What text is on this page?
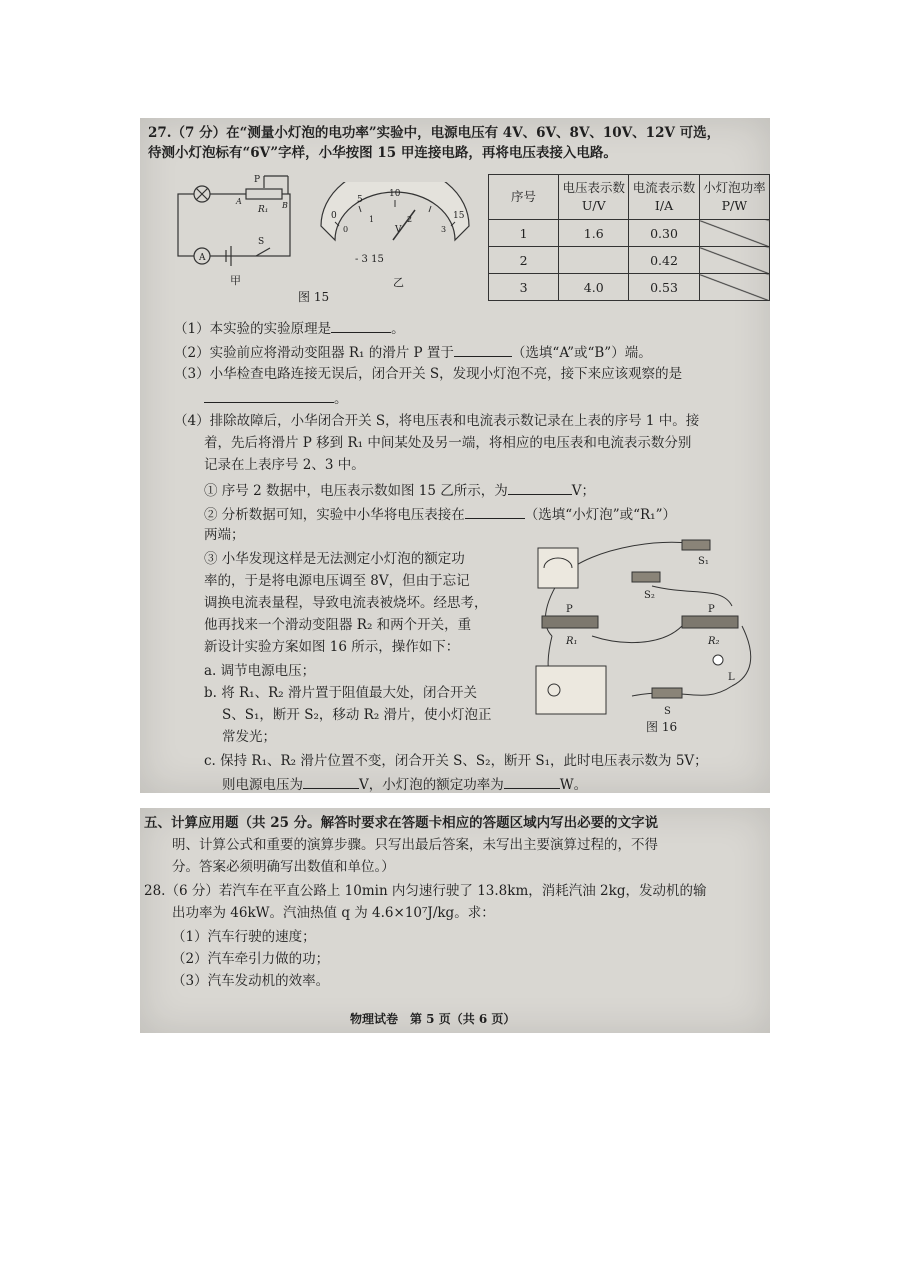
27.（7 分）在“测量小灯泡的电功率”实验中，电源电压有 4V、6V、8V、10V、12V 可选，
待测小灯泡标有“6V”字样，小华按图 15 甲连接电路，再将电压表接入电路。
P
A	B
R₁
A
S
甲
0
5
10
15
0
1	2
3
V
- 3 15
乙
图 15
序号	电压表示数 U/V	电流表示数 I/A	小灯泡功率 P/W
1	1.6	0.30	
2		0.42	
3	4.0	0.53	
（1）本实验的实验原理是	。
（2）实验前应将滑动变阻器 R₁ 的滑片 P 置于	（选填“A”或“B”）端。
（3）小华检查电路连接无误后，闭合开关 S，发现小灯泡不亮，接下来应该观察的是
。
（4）排除故障后，小华闭合开关 S，将电压表和电流表示数记录在上表的序号 1 中。接
着，先后将滑片 P 移到 R₁ 中间某处及另一端，将相应的电压表和电流表示数分别
记录在上表序号 2、3 中。
① 序号 2 数据中，电压表示数如图 15 乙所示，为	V；
② 分析数据可知，实验中小华将电压表接在	（选填“小灯泡”或“R₁”）
两端；
③ 小华发现这样是无法测定小灯泡的额定功
率的，于是将电源电压调至 8V，但由于忘记
调换电流表量程，导致电流表被烧坏。经思考，
他再找来一个滑动变阻器 R₂ 和两个开关，重
新设计实验方案如图 16 所示，操作如下：
a. 调节电源电压；
b. 将 R₁、R₂ 滑片置于阻值最大处，闭合开关
S、S₁，断开 S₂，移动 R₂ 滑片，使小灯泡正
常发光；
c. 保持 R₁、R₂ 滑片位置不变，闭合开关 S、S₂，断开 S₁，此时电压表示数为 5V；
则电源电压为	V，小灯泡的额定功率为	W。
S₁
S₂
P	P
R₁	R₂
S
L
图 16
五、计算应用题（共 25 分。解答时要求在答题卡相应的答题区域内写出必要的文字说
明、计算公式和重要的演算步骤。只写出最后答案，未写出主要演算过程的，不得
分。答案必须明确写出数值和单位。）
28.（6 分）若汽车在平直公路上 10min 内匀速行驶了 13.8km，消耗汽油 2kg，发动机的输
出功率为 46kW。汽油热值 q 为 4.6×10⁷J/kg。求：
（1）汽车行驶的速度；
（2）汽车牵引力做的功；
（3）汽车发动机的效率。
物理试卷　第 5 页（共 6 页）
